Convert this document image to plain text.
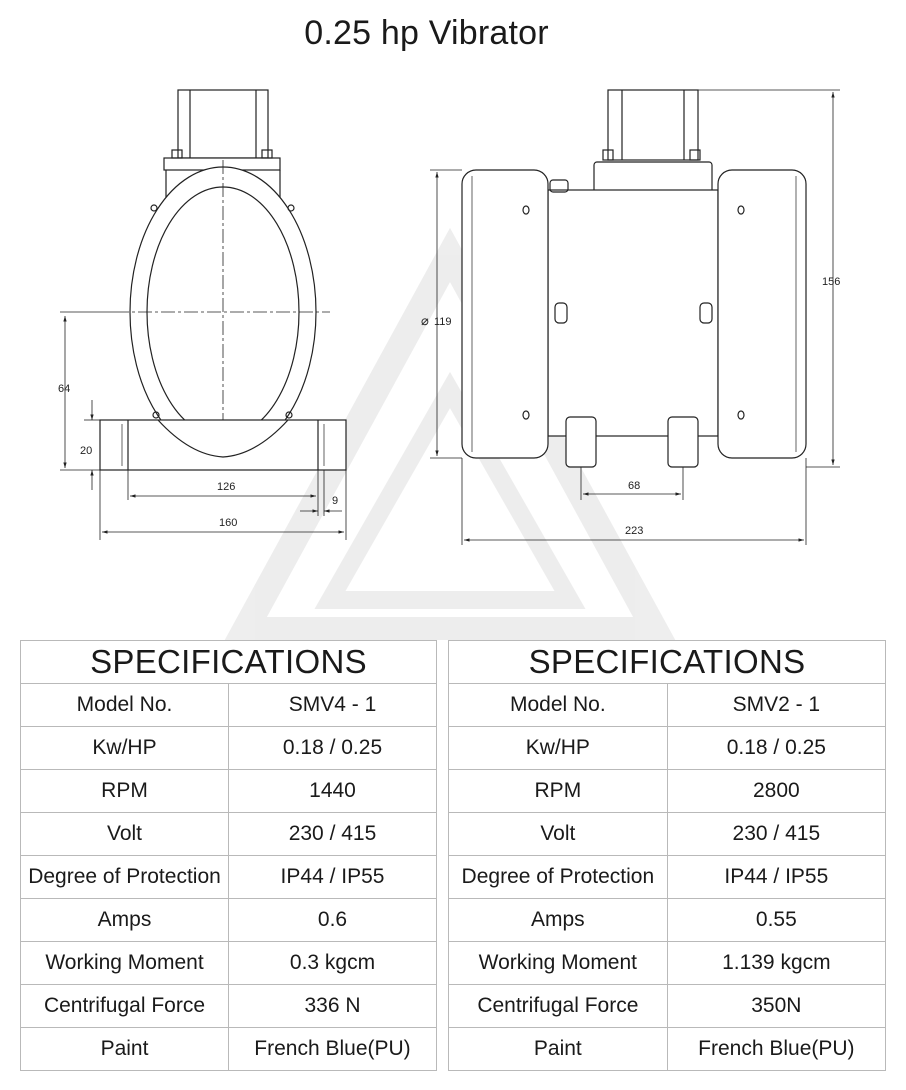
0.25 hp Vibrator
64
20
126
9
160
⌀ 119
156
68
223
SPECIFICATIONS	
Model No.	SMV4 - 1
Kw/HP	0.18 / 0.25
RPM	1440
Volt	230 / 415
Degree of Protection	IP44 / IP55
Amps	0.6
Working Moment	0.3 kgcm
Centrifugal Force	336 N
Paint	French Blue(PU)
SPECIFICATIONS	
Model No.	SMV2 - 1
Kw/HP	0.18 / 0.25
RPM	2800
Volt	230 / 415
Degree of Protection	IP44 / IP55
Amps	0.55
Working Moment	1.139 kgcm
Centrifugal Force	350N
Paint	French Blue(PU)
